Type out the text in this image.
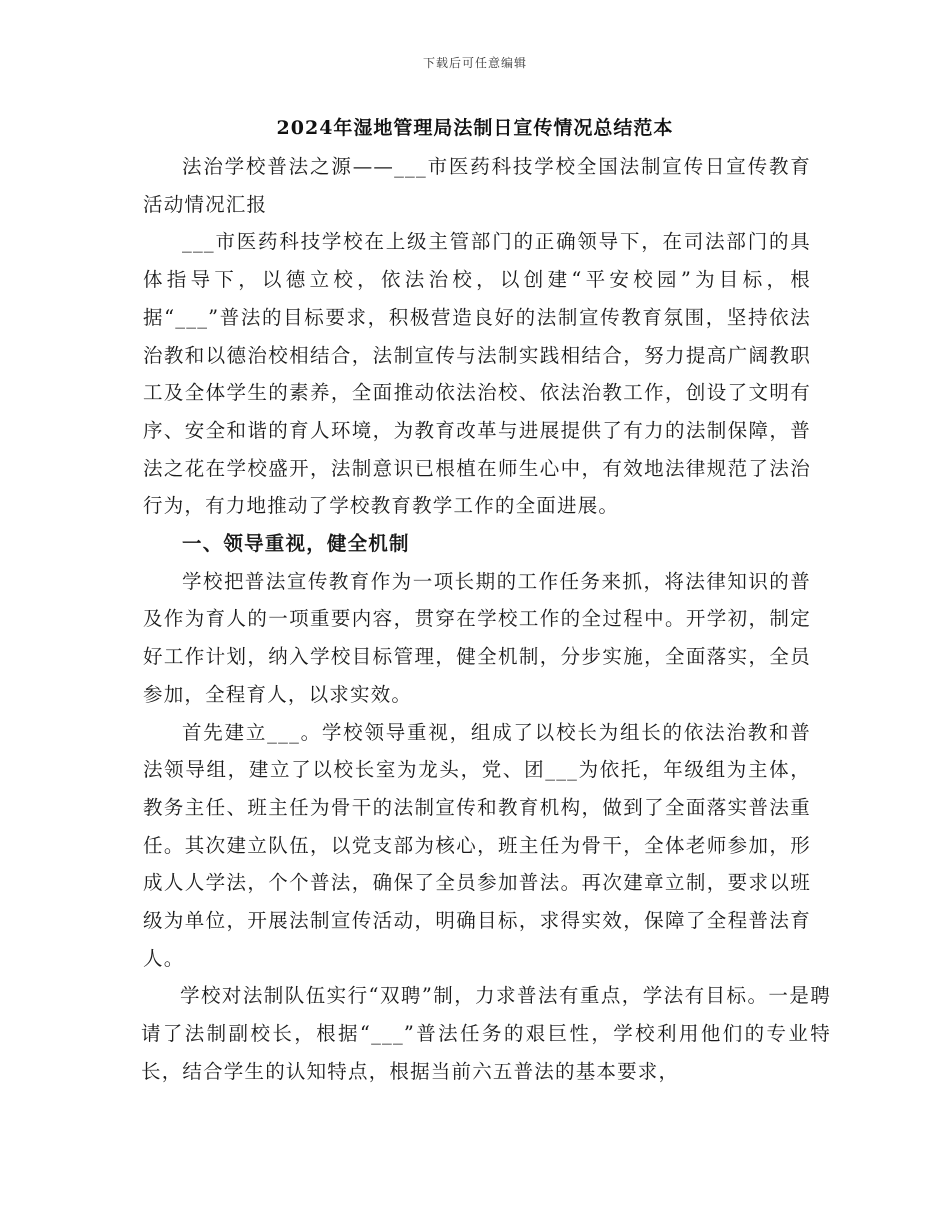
下载后可任意编辑
2024年湿地管理局法制日宣传情况总结范本

法治学校普法之源——___市医药科技学校全国法制宣传日宣传教育活动情况汇报

___市医药科技学校在上级主管部门的正确领导下，在司法部门的具体指导下，以德立校，依法治校，以创建“平安校园”为目标，根据“___”普法的目标要求，积极营造良好的法制宣传教育氛围，坚持依法治教和以德治校相结合，法制宣传与法制实践相结合，努力提高广阔教职工及全体学生的素养，全面推动依法治校、依法治教工作，创设了文明有序、安全和谐的育人环境，为教育改革与进展提供了有力的法制保障，普法之花在学校盛开，法制意识已根植在师生心中，有效地法律规范了法治行为，有力地推动了学校教育教学工作的全面进展。

一、领导重视，健全机制

学校把普法宣传教育作为一项长期的工作任务来抓，将法律知识的普及作为育人的一项重要内容，贯穿在学校工作的全过程中。开学初，制定好工作计划，纳入学校目标管理，健全机制，分步实施，全面落实，全员参加，全程育人，以求实效。

首先建立___。学校领导重视，组成了以校长为组长的依法治教和普法领导组，建立了以校长室为龙头，党、团___为依托，年级组为主体，教务主任、班主任为骨干的法制宣传和教育机构，做到了全面落实普法重任。其次建立队伍，以党支部为核心，班主任为骨干，全体老师参加，形成人人学法，个个普法，确保了全员参加普法。再次建章立制，要求以班级为单位，开展法制宣传活动，明确目标，求得实效，保障了全程普法育人。

学校对法制队伍实行“双聘”制，力求普法有重点，学法有目标。一是聘请了法制副校长，根据“___”普法任务的艰巨性，学校利用他们的专业特长，结合学生的认知特点，根据当前六五普法的基本要求，
